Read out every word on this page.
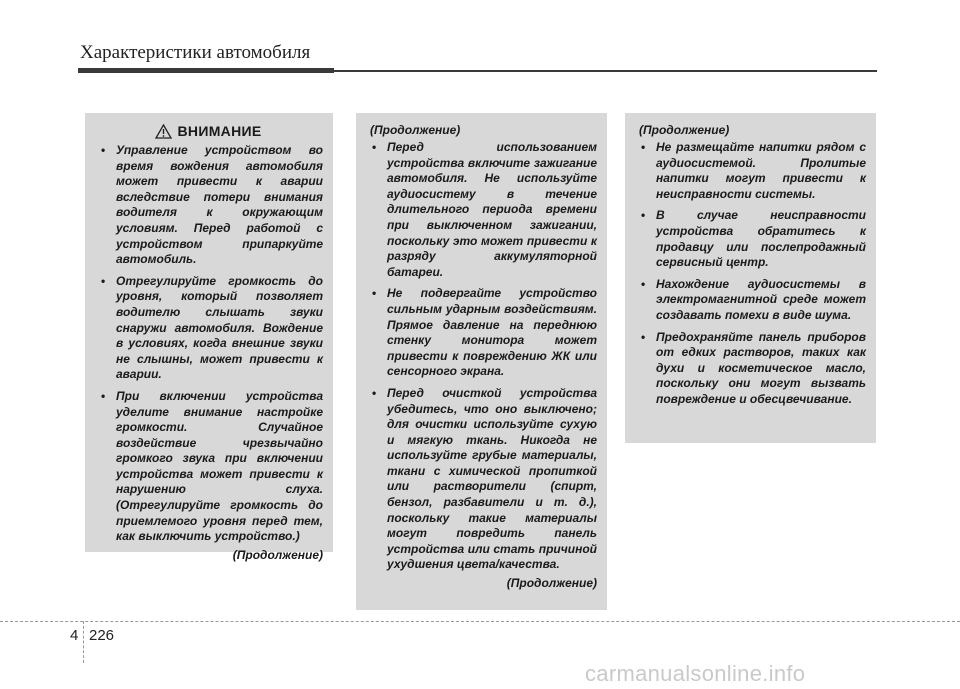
Характеристики автомобиля
ВНИМАНИЕ
• Управление устройством во время вождения автомобиля может привести к аварии вследствие потери внимания водителя к окружающим условиям. Перед работой с устройством припаркуйте автомобиль.
• Отрегулируйте громкость до уровня, который позволяет водителю слышать звуки снаружи автомобиля. Вождение в условиях, когда внешние звуки не слышны, может привести к аварии.
• При включении устройства уделите внимание настройке громкости. Случайное воздействие чрезвычайно громкого звука при включении устройства может привести к нарушению слуха. (Отрегулируйте громкость до приемлемого уровня перед тем, как выключить устройство.)
(Продолжение)
(Продолжение)
• Перед использованием устройства включите зажигание автомобиля. Не используйте аудиосистему в течение длительного периода времени при выключенном зажигании, поскольку это может привести к разряду аккумуляторной батареи.
• Не подвергайте устройство сильным ударным воздействиям. Прямое давление на переднюю стенку монитора может привести к повреждению ЖК или сенсорного экрана.
• Перед очисткой устройства убедитесь, что оно выключено; для очистки используйте сухую и мягкую ткань. Никогда не используйте грубые материалы, ткани с химической пропиткой или растворители (спирт, бензол, разбавители и т. д.), поскольку такие материалы могут повредить панель устройства или стать причиной ухудшения цвета/качества.
(Продолжение)
(Продолжение)
• Не размещайте напитки рядом с аудиосистемой. Пролитые напитки могут привести к неисправности системы.
• В случае неисправности устройства обратитесь к продавцу или послепродажный сервисный центр.
• Нахождение аудиосистемы в электромагнитной среде может создавать помехи в виде шума.
• Предохраняйте панель приборов от едких растворов, таких как духи и косметическое масло, поскольку они могут вызвать повреждение и обесцвечивание.
4 226
carmanualsonline.info
